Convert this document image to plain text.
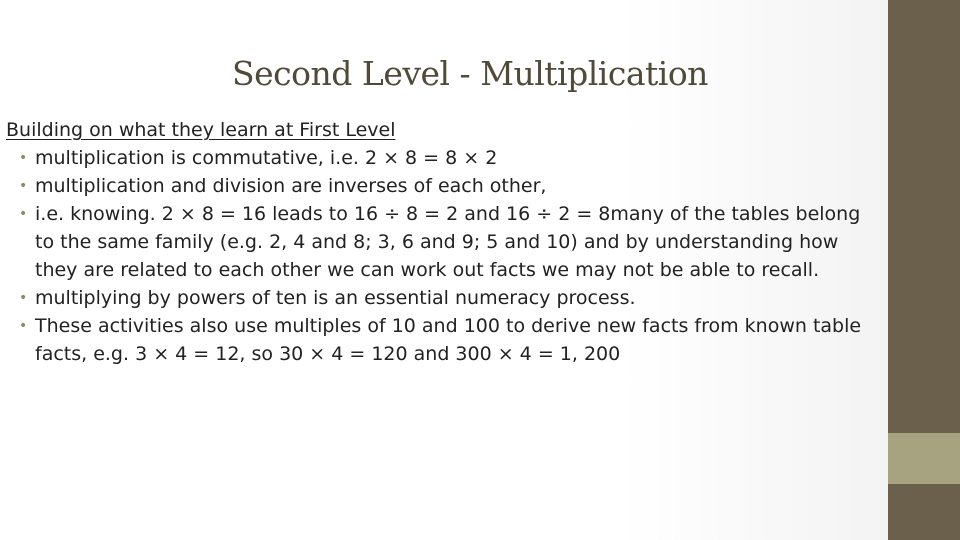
Second Level - Multiplication

Building on what they learn at First Level

• multiplication is commutative, i.e. 2 × 8 = 8 × 2
• multiplication and division are inverses of each other,
• i.e. knowing. 2 × 8 = 16 leads to 16 ÷ 8 = 2 and 16 ÷ 2 = 8many of the tables belong to the same family (e.g. 2, 4 and 8; 3, 6 and 9; 5 and 10) and by understanding how they are related to each other we can work out facts we may not be able to recall.
• multiplying by powers of ten is an essential numeracy process.
• These activities also use multiples of 10 and 100 to derive new facts from known table facts, e.g. 3 × 4 = 12, so 30 × 4 = 120 and 300 × 4 = 1, 200
